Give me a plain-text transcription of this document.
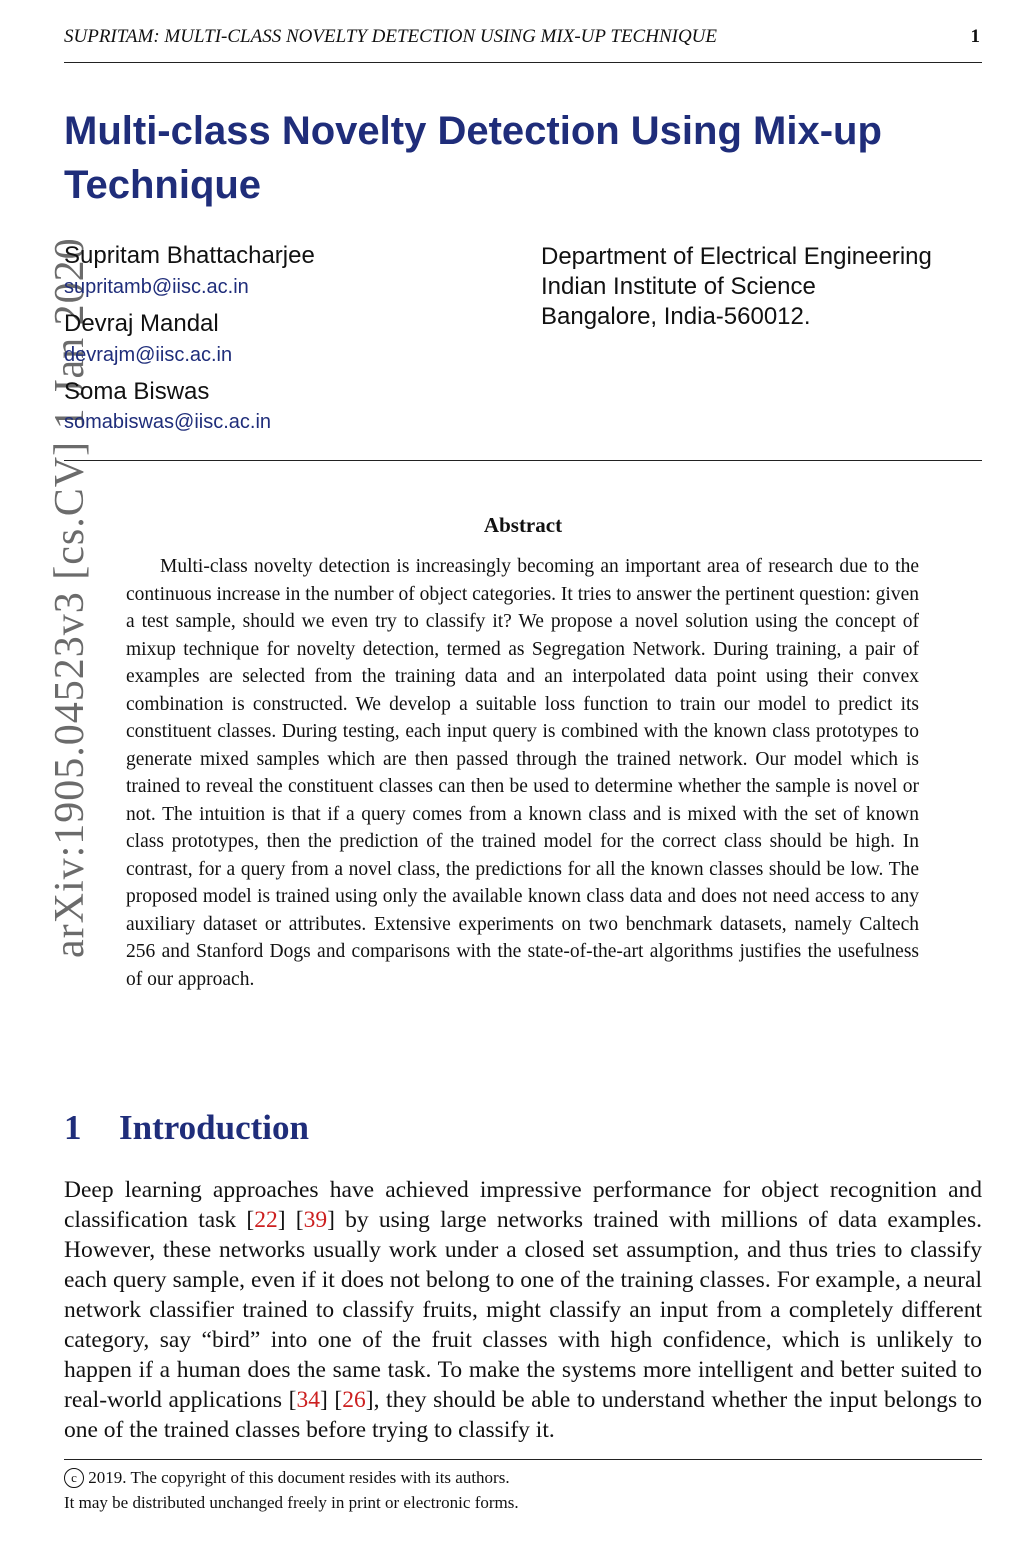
SUPRITAM: MULTI-CLASS NOVELTY DETECTION USING MIX-UP TECHNIQUE	1
arXiv:1905.04523v3 [cs.CV] 1 Jan 2020
Multi-class Novelty Detection Using Mix-up Technique
Supritam Bhattacharjee
supritamb@iisc.ac.in
Devraj Mandal
devrajm@iisc.ac.in
Soma Biswas
somabiswas@iisc.ac.in
Department of Electrical Engineering
Indian Institute of Science
Bangalore, India-560012.
Abstract

Multi-class novelty detection is increasingly becoming an important area of research due to the continuous increase in the number of object categories. It tries to answer the pertinent question: given a test sample, should we even try to classify it? We propose a novel solution using the concept of mixup technique for novelty detection, termed as Segregation Network. During training, a pair of examples are selected from the training data and an interpolated data point using their convex combination is constructed. We develop a suitable loss function to train our model to predict its constituent classes. During testing, each input query is combined with the known class prototypes to generate mixed samples which are then passed through the trained network. Our model which is trained to reveal the constituent classes can then be used to determine whether the sample is novel or not. The intuition is that if a query comes from a known class and is mixed with the set of known class prototypes, then the prediction of the trained model for the correct class should be high. In contrast, for a query from a novel class, the predictions for all the known classes should be low. The proposed model is trained using only the available known class data and does not need access to any auxiliary dataset or attributes. Extensive experiments on two benchmark datasets, namely Caltech 256 and Stanford Dogs and comparisons with the state-of-the-art algorithms justifies the usefulness of our approach.

1 Introduction

Deep learning approaches have achieved impressive performance for object recognition and classification task [22] [39] by using large networks trained with millions of data examples. However, these networks usually work under a closed set assumption, and thus tries to classify each query sample, even if it does not belong to one of the training classes. For example, a neural network classifier trained to classify fruits, might classify an input from a completely different category, say “bird” into one of the fruit classes with high confidence, which is unlikely to happen if a human does the same task. To make the systems more intelligent and better suited to real-world applications [34] [26], they should be able to understand whether the input belongs to one of the trained classes before trying to classify it.

c 2019. The copyright of this document resides with its authors.
It may be distributed unchanged freely in print or electronic forms.
